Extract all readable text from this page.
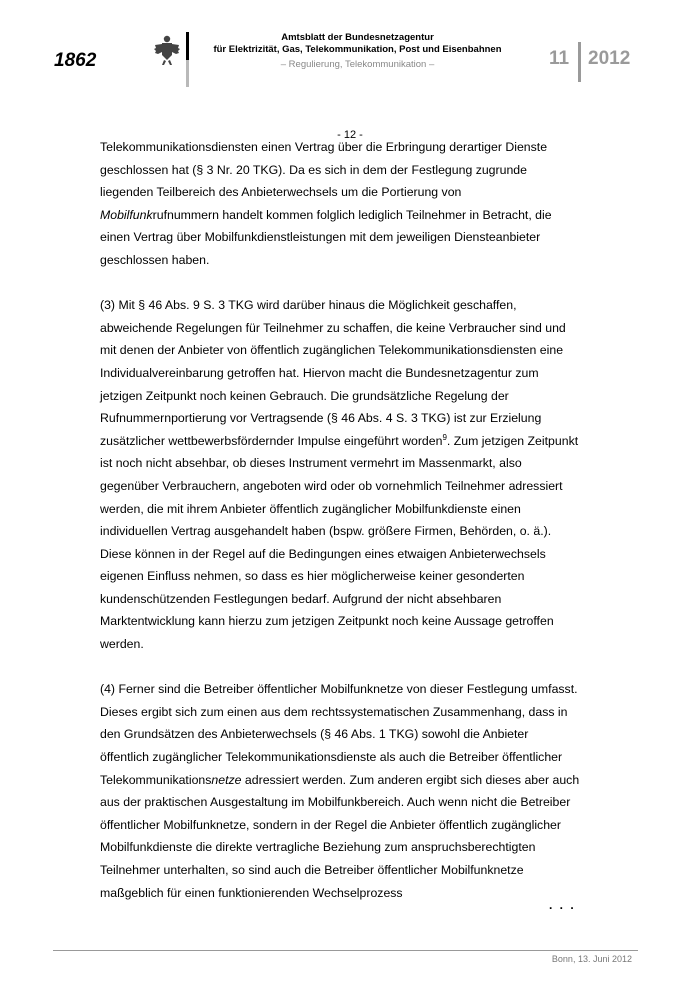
1862
Amtsblatt der Bundesnetzagentur
für Elektrizität, Gas, Telekommunikation, Post und Eisenbahnen
– Regulierung, Telekommunikation –	11 2012
- 12 -

Telekommunikationsdiensten einen Vertrag über die Erbringung derartiger Dienste geschlossen hat (§ 3 Nr. 20 TKG). Da es sich in dem der Festlegung zugrunde liegenden Teilbereich des Anbieterwechsels um die Portierung von Mobilfunkrufnummern handelt kommen folglich lediglich Teilnehmer in Betracht, die einen Vertrag über Mobilfunkdienstleistungen mit dem jeweiligen Diensteanbieter geschlossen haben.

(3) Mit § 46 Abs. 9 S. 3 TKG wird darüber hinaus die Möglichkeit geschaffen, abweichende Regelungen für Teilnehmer zu schaffen, die keine Verbraucher sind und mit denen der Anbieter von öffentlich zugänglichen Telekommunikationsdiensten eine Individualvereinbarung getroffen hat. Hiervon macht die Bundesnetzagentur zum jetzigen Zeitpunkt noch keinen Gebrauch. Die grundsätzliche Regelung der Rufnummernportierung vor Vertragsende (§ 46 Abs. 4 S. 3 TKG) ist zur Erzielung zusätzlicher wettbewerbsfördernder Impulse eingeführt worden$^9$. Zum jetzigen Zeitpunkt ist noch nicht absehbar, ob dieses Instrument vermehrt im Massenmarkt, also gegenüber Verbrauchern, angeboten wird oder ob vornehmlich Teilnehmer adressiert werden, die mit ihrem Anbieter öffentlich zugänglicher Mobilfunkdienste einen individuellen Vertrag ausgehandelt haben (bspw. größere Firmen, Behörden, o. ä.). Diese können in der Regel auf die Bedingungen eines etwaigen Anbieterwechsels eigenen Einfluss nehmen, so dass es hier möglicherweise keiner gesonderten kundenschützenden Festlegungen bedarf. Aufgrund der nicht absehbaren Marktentwicklung kann hierzu zum jetzigen Zeitpunkt noch keine Aussage getroffen werden.

(4) Ferner sind die Betreiber öffentlicher Mobilfunknetze von dieser Festlegung umfasst. Dieses ergibt sich zum einen aus dem rechtssystematischen Zusammenhang, dass in den Grundsätzen des Anbieterwechsels (§ 46 Abs. 1 TKG) sowohl die Anbieter öffentlich zugänglicher Telekommunikationsdienste als auch die Betreiber öffentlicher Telekommunikationsnetze adressiert werden. Zum anderen ergibt sich dieses aber auch aus der praktischen Ausgestaltung im Mobilfunkbereich. Auch wenn nicht die Betreiber öffentlicher Mobilfunknetze, sondern in der Regel die Anbieter öffentlich zugänglicher Mobilfunkdienste die direkte vertragliche Beziehung zum anspruchsberechtigten Teilnehmer unterhalten, so sind auch die Betreiber öffentlicher Mobilfunknetze maßgeblich für einen funktionierenden Wechselprozess

. . .
Bonn, 13. Juni 2012
